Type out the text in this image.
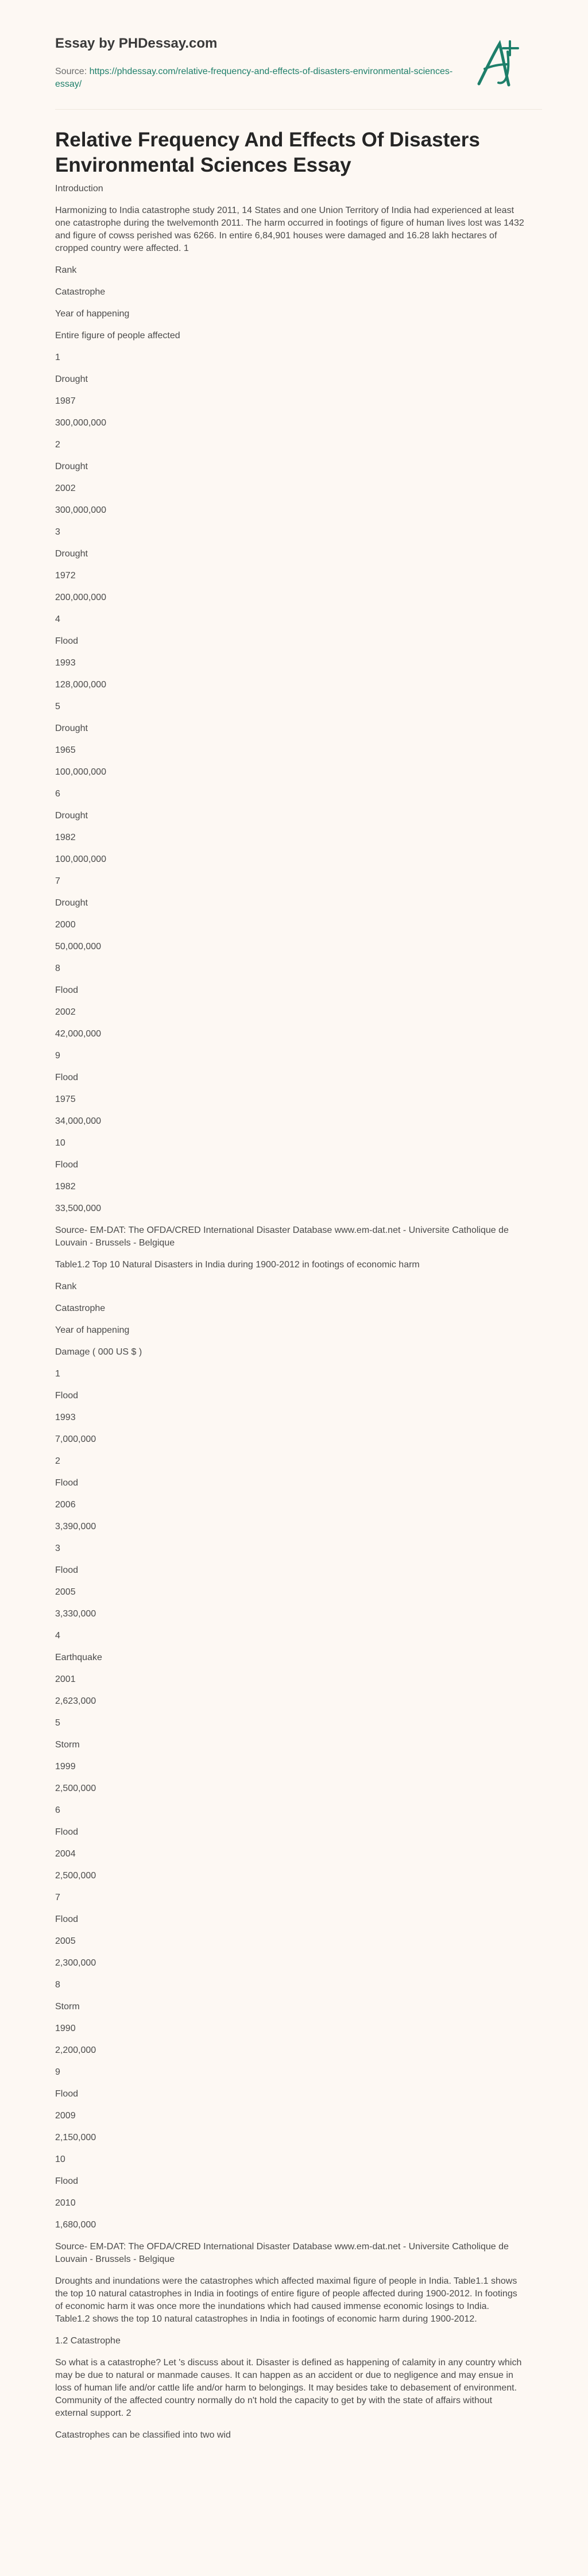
Essay by PHDessay.com
Source: https://phdessay.com/relative-frequency-and-effects-of-disasters-environmental-sciences-essay/
Relative Frequency And Effects Of Disasters Environmental Sciences Essay

Introduction

Harmonizing to India catastrophe study 2011, 14 States and one Union Territory of India had experienced at least one catastrophe during the twelvemonth 2011. The harm occurred in footings of figure of human lives lost was 1432 and figure of cowss perished was 6266. In entire 6,84,901 houses were damaged and 16.28 lakh hectares of cropped country were affected. 1

Rank

Catastrophe

Year of happening

Entire figure of people affected

1

Drought

1987

300,000,000

2

Drought

2002

300,000,000

3

Drought

1972

200,000,000

4

Flood

1993

128,000,000

5

Drought

1965

100,000,000

6

Drought

1982

100,000,000

7

Drought

2000

50,000,000

8

Flood

2002

42,000,000

9

Flood

1975

34,000,000

10

Flood

1982

33,500,000

Source- EM-DAT: The OFDA/CRED International Disaster Database www.em-dat.net - Universite Catholique de Louvain - Brussels - Belgique

Table1.2 Top 10 Natural Disasters in India during 1900-2012 in footings of economic harm

Rank

Catastrophe

Year of happening

Damage ( 000 US $ )

1

Flood

1993

7,000,000

2

Flood

2006

3,390,000

3

Flood

2005

3,330,000

4

Earthquake

2001

2,623,000

5

Storm

1999

2,500,000

6

Flood

2004

2,500,000

7

Flood

2005

2,300,000

8

Storm

1990

2,200,000

9

Flood

2009

2,150,000

10

Flood

2010

1,680,000

Source- EM-DAT: The OFDA/CRED International Disaster Database www.em-dat.net - Universite Catholique de Louvain - Brussels - Belgique

Droughts and inundations were the catastrophes which affected maximal figure of people in India. Table1.1 shows the top 10 natural catastrophes in India in footings of entire figure of people affected during 1900-2012. In footings of economic harm it was once more the inundations which had caused immense economic losings to India. Table1.2 shows the top 10 natural catastrophes in India in footings of economic harm during 1900-2012.

1.2 Catastrophe

So what is a catastrophe? Let 's discuss about it. Disaster is defined as happening of calamity in any country which may be due to natural or manmade causes. It can happen as an accident or due to negligence and may ensue in loss of human life and/or cattle life and/or harm to belongings. It may besides take to debasement of environment. Community of the affected country normally do n't hold the capacity to get by with the state of affairs without external support. 2

Catastrophes can be classified into two wid
